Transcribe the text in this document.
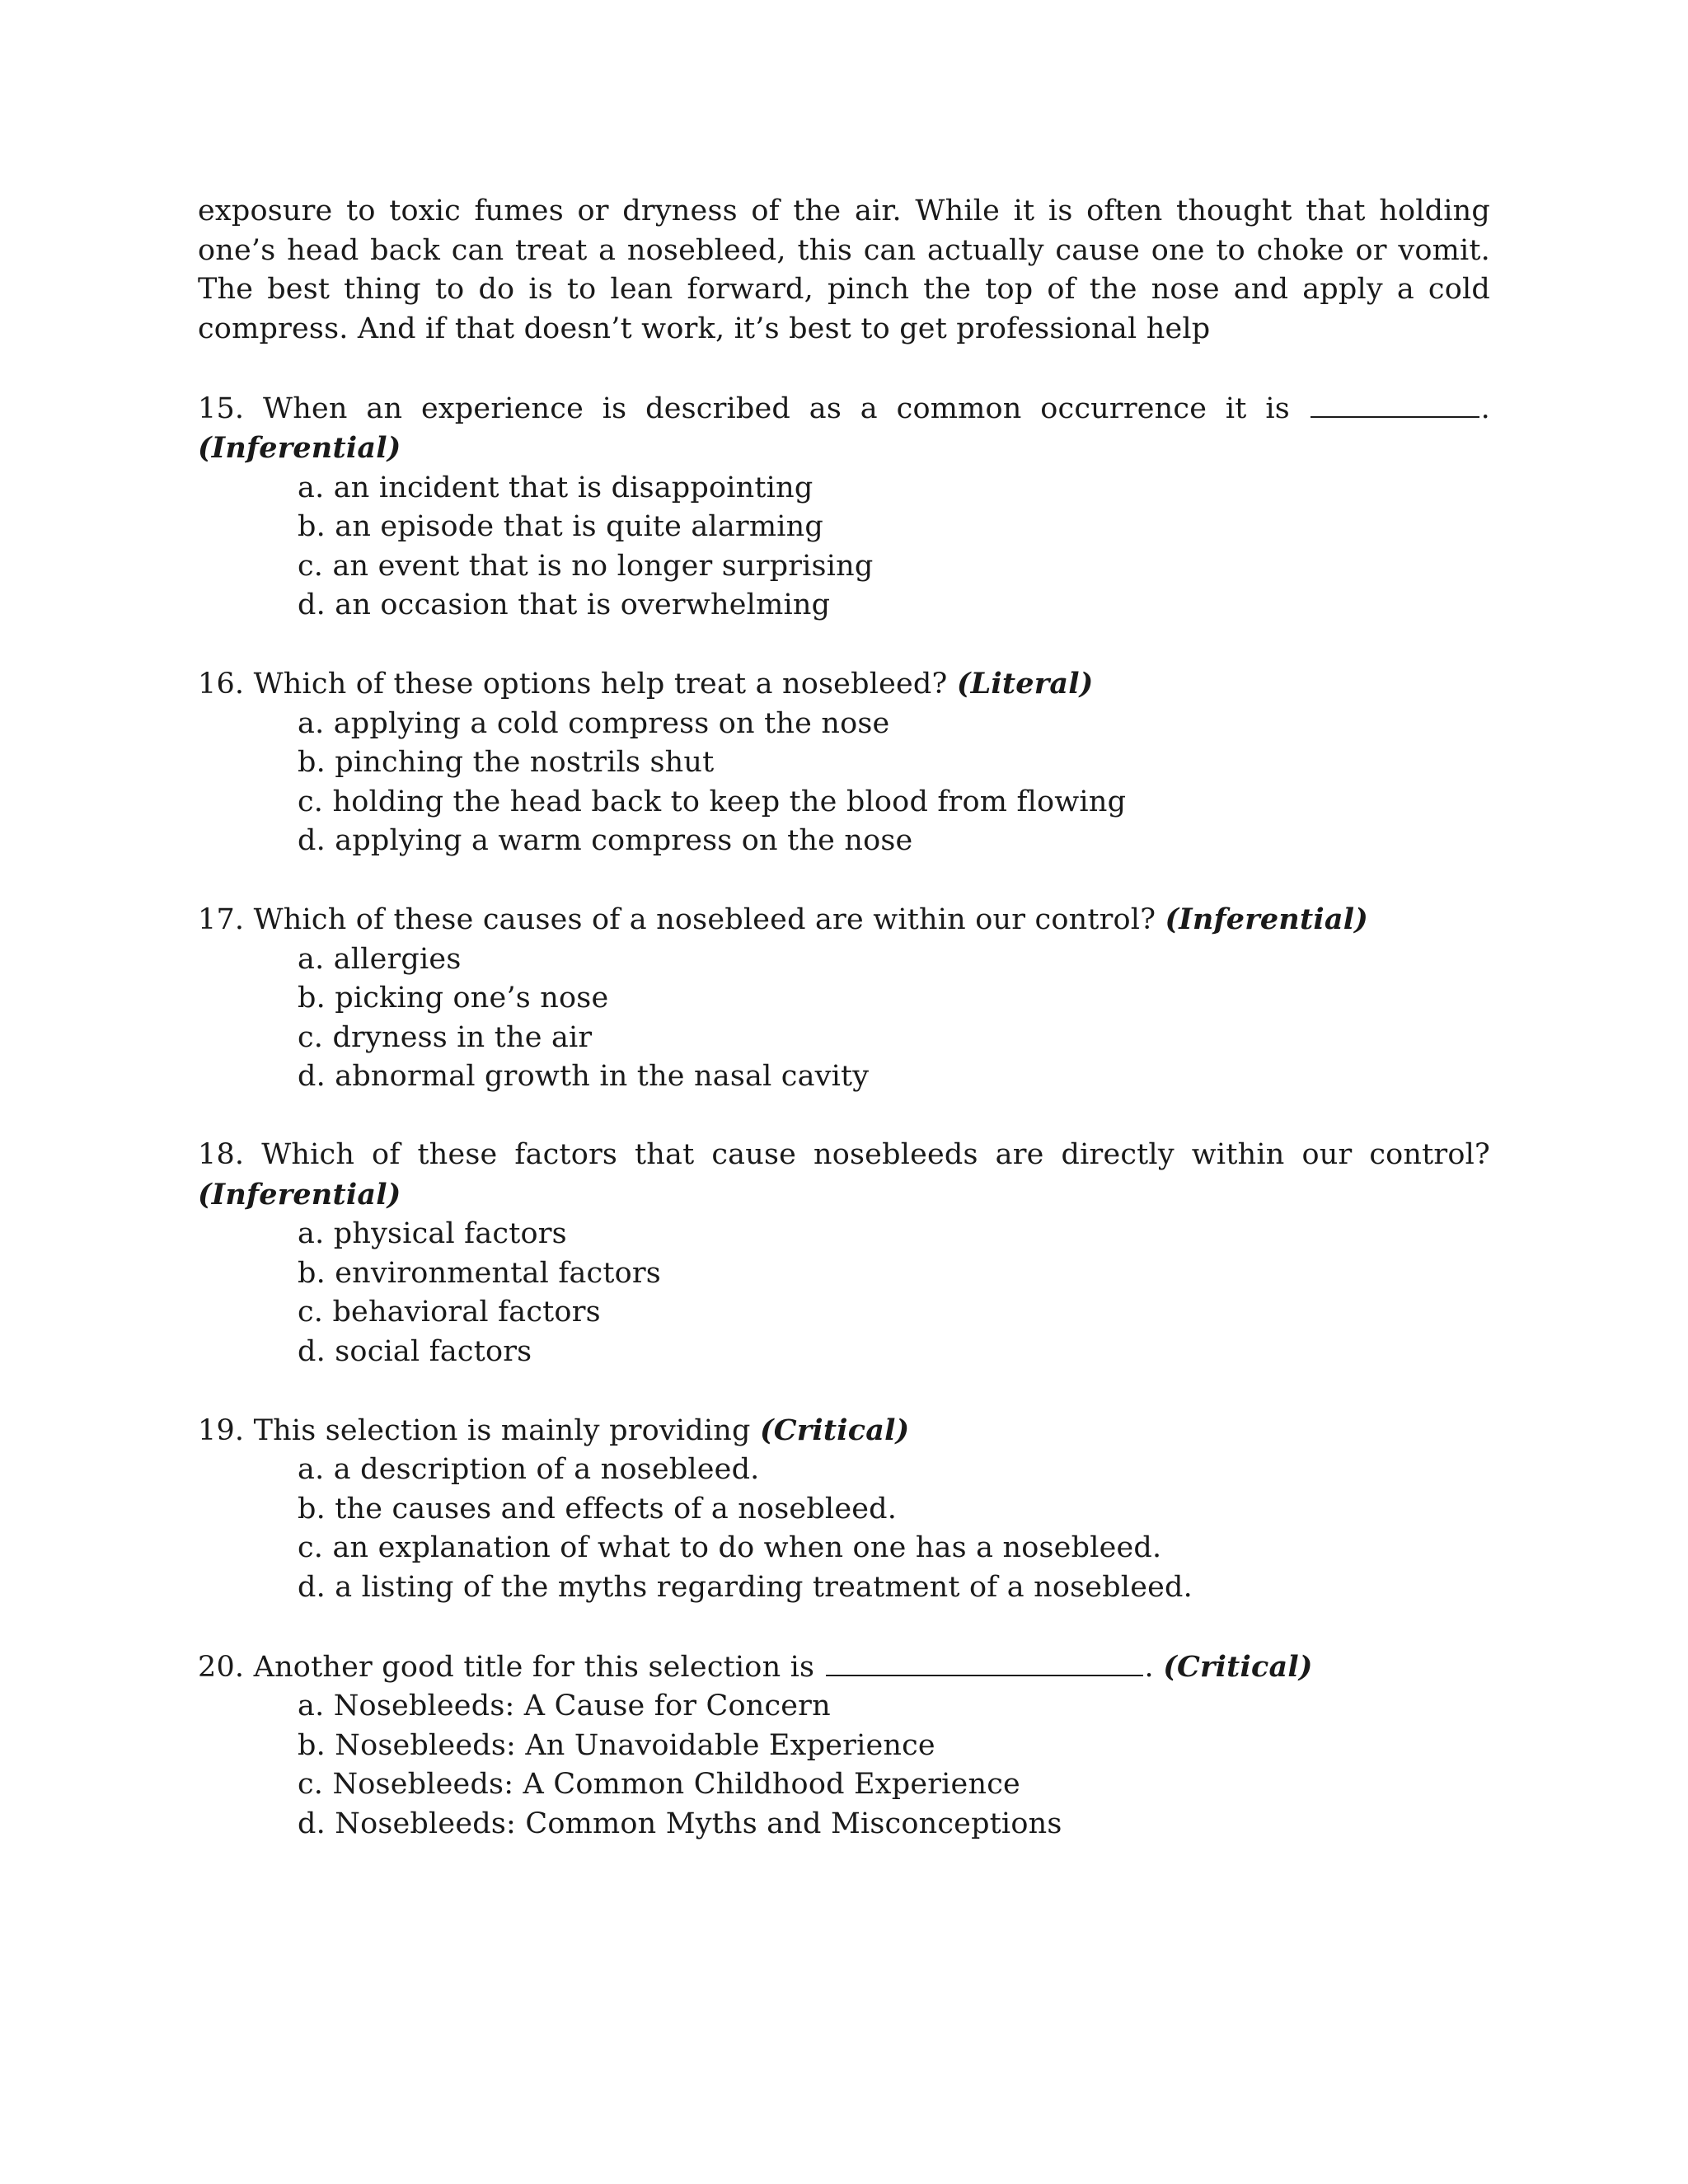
exposure to toxic fumes or dryness of the air. While it is often thought that holding one’s head back can treat a nosebleed, this can actually cause one to choke or vomit. The best thing to do is to lean forward, pinch the top of the nose and apply a cold compress. And if that doesn’t work, it’s best to get professional help

15. When an experience is described as a common occurrence it is	.

(Inferential)

a. an incident that is disappointing
b. an episode that is quite alarming
c. an event that is no longer surprising
d. an occasion that is overwhelming

16. Which of these options help treat a nosebleed? (Literal)

a. applying a cold compress on the nose
b. pinching the nostrils shut
c. holding the head back to keep the blood from flowing
d. applying a warm compress on the nose

17. Which of these causes of a nosebleed are within our control? (Inferential)

a. allergies
b. picking one’s nose
c. dryness in the air
d. abnormal growth in the nasal cavity

18. Which of these factors that cause nosebleeds are directly within our control?

(Inferential)

a. physical factors
b. environmental factors
c. behavioral factors
d. social factors

19. This selection is mainly providing (Critical)

a. a description of a nosebleed.
b. the causes and effects of a nosebleed.
c. an explanation of what to do when one has a nosebleed.
d. a listing of the myths regarding treatment of a nosebleed.

20. Another good title for this selection is	. (Critical)

a. Nosebleeds: A Cause for Concern
b. Nosebleeds: An Unavoidable Experience
c. Nosebleeds: A Common Childhood Experience
d. Nosebleeds: Common Myths and Misconceptions
